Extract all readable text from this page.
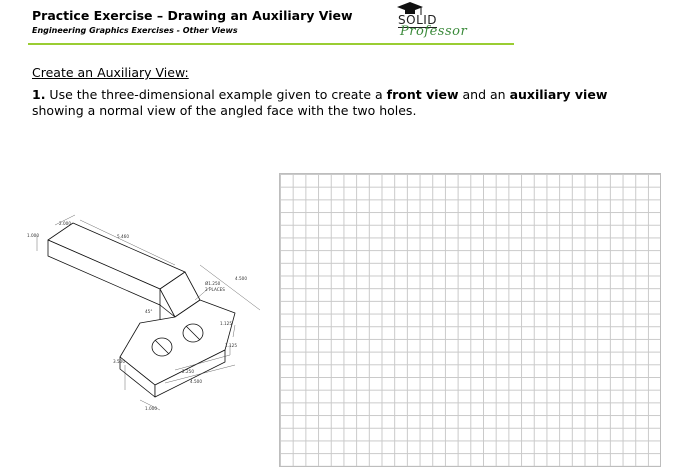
Practice Exercise – Drawing an Auxiliary View
Engineering Graphics Exercises - Other Views
SOLID
Professor
Create an Auxiliary View:
1. Use the three-dimensional example given to create a front view and an auxiliary view showing a normal view of the angled face with the two holes.
2.000
1.000	5.460
Ø1.250
2 PLACES
4.500
45°
1.125
1.125
2.250
4.500
3.500
1.000
